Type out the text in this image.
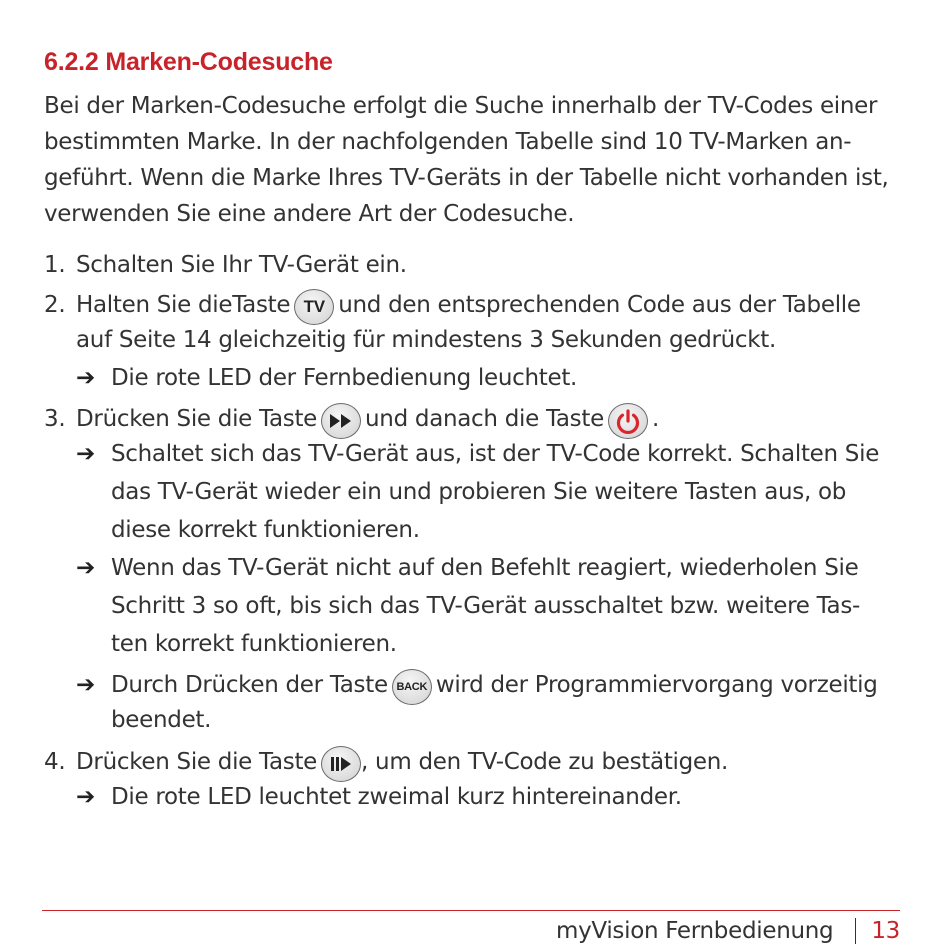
6.2.2 Marken-Codesuche
Bei der Marken-Codesuche erfolgt die Suche innerhalb der TV-Codes einer
bestimmten Marke. In der nachfolgenden Tabelle sind 10 TV-Marken an-
geführt. Wenn die Marke Ihres TV-Geräts in der Tabelle nicht vorhanden ist,
verwenden Sie eine andere Art der Codesuche.
1. Schalten Sie Ihr TV-Gerät ein.
2. Halten Sie dieTaste TV und den entsprechenden Code aus der Tabelle
auf Seite 14 gleichzeitig für mindestens 3 Sekunden gedrückt.
➔ Die rote LED der Fernbedienung leuchtet.
3. Drücken Sie die Taste und danach die Taste .
➔ Schaltet sich das TV-Gerät aus, ist der TV-Code korrekt. Schalten Sie
das TV-Gerät wieder ein und probieren Sie weitere Tasten aus, ob
diese korrekt funktionieren.
➔ Wenn das TV-Gerät nicht auf den Befehlt reagiert, wiederholen Sie
Schritt 3 so oft, bis sich das TV-Gerät ausschaltet bzw. weitere Tas-
ten korrekt funktionieren.
➔ Durch Drücken der Taste BACK wird der Programmiervorgang vorzeitig
beendet.
4. Drücken Sie die Taste , um den TV-Code zu bestätigen.
➔ Die rote LED leuchtet zweimal kurz hintereinander.
myVision Fernbedienung 13
